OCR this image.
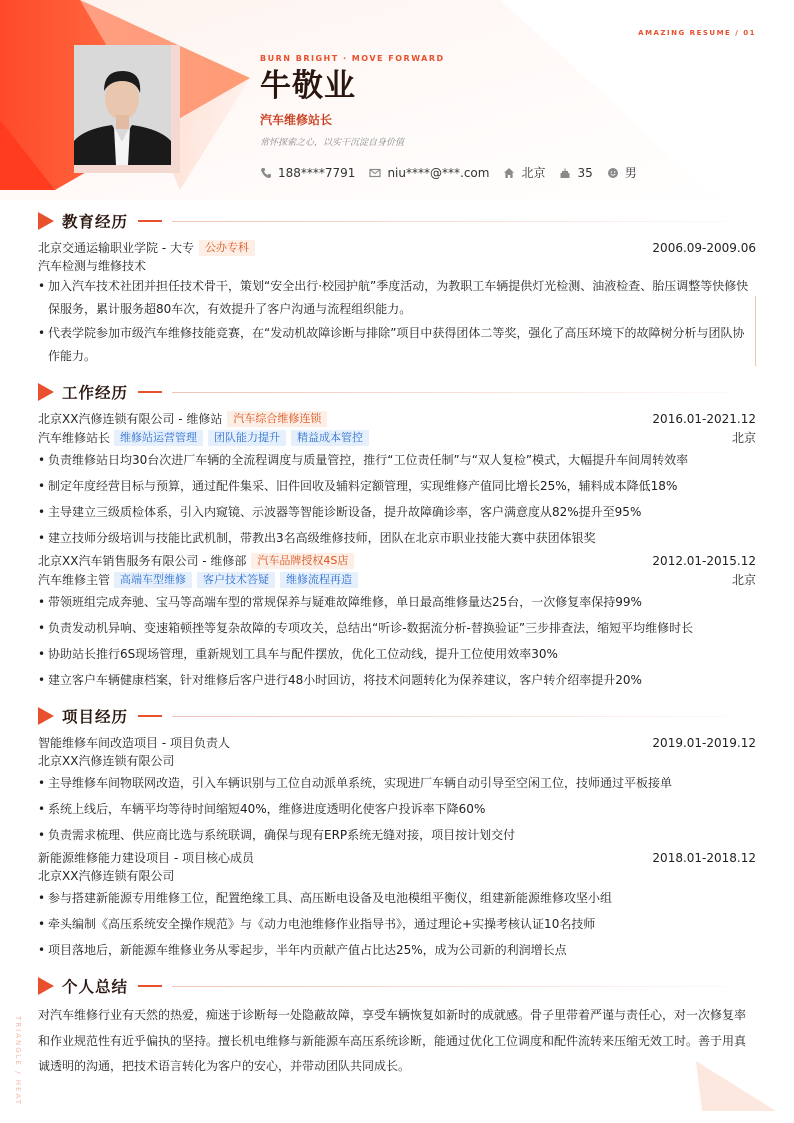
TRIANGLE / HEAT
AMAZING RESUME / 01
BURN BRIGHT · MOVE FORWARD
牛敬业
汽车维修站长
常怀探索之心，以实干沉淀自身价值
188****7791	niu****@***.com	北京	35	男
教育经历
北京交通运输职业学院 - 大专	公办专科	2006.09-2009.06
汽车检测与维修技术
• 加入汽车技术社团并担任技术骨干，策划“安全出行·校园护航”季度活动，为教职工车辆提供灯光检测、油液检查、胎压调整等快修快保服务，累计服务超80车次，有效提升了客户沟通与流程组织能力。
• 代表学院参加市级汽车维修技能竞赛，在“发动机故障诊断与排除”项目中获得团体二等奖，强化了高压环境下的故障树分析与团队协作能力。
工作经历
北京XX汽修连锁有限公司 - 维修站	汽车综合维修连锁	2016.01-2021.12
汽车维修站长 维修站运营管理	团队能力提升	精益成本管控	北京
• 负责维修站日均30台次进厂车辆的全流程调度与质量管控，推行“工位责任制”与“双人复检”模式，大幅提升车间周转效率
• 制定年度经营目标与预算，通过配件集采、旧件回收及辅料定额管理，实现维修产值同比增长25%，辅料成本降低18%
• 主导建立三级质检体系，引入内窥镜、示波器等智能诊断设备，提升故障确诊率，客户满意度从82%提升至95%
• 建立技师分级培训与技能比武机制，带教出3名高级维修技师，团队在北京市职业技能大赛中获团体银奖
北京XX汽车销售服务有限公司 - 维修部	汽车品牌授权4S店	2012.01-2015.12
汽车维修主管 高端车型维修	客户技术答疑	维修流程再造	北京
• 带领班组完成奔驰、宝马等高端车型的常规保养与疑难故障维修，单日最高维修量达25台，一次修复率保持99%
• 负责发动机异响、变速箱顿挫等复杂故障的专项攻关，总结出“听诊-数据流分析-替换验证”三步排查法，缩短平均维修时长
• 协助站长推行6S现场管理，重新规划工具车与配件摆放，优化工位动线，提升工位使用效率30%
• 建立客户车辆健康档案，针对维修后客户进行48小时回访，将技术问题转化为保养建议，客户转介绍率提升20%
项目经历
智能维修车间改造项目 - 项目负责人	2019.01-2019.12
北京XX汽修连锁有限公司
• 主导维修车间物联网改造，引入车辆识别与工位自动派单系统，实现进厂车辆自动引导至空闲工位，技师通过平板接单
• 系统上线后，车辆平均等待时间缩短40%，维修进度透明化使客户投诉率下降60%
• 负责需求梳理、供应商比选与系统联调，确保与现有ERP系统无缝对接，项目按计划交付
新能源维修能力建设项目 - 项目核心成员	2018.01-2018.12
北京XX汽修连锁有限公司
• 参与搭建新能源专用维修工位，配置绝缘工具、高压断电设备及电池模组平衡仪，组建新能源维修攻坚小组
• 牵头编制《高压系统安全操作规范》与《动力电池维修作业指导书》，通过理论+实操考核认证10名技师
• 项目落地后，新能源车维修业务从零起步，半年内贡献产值占比达25%，成为公司新的利润增长点
个人总结
对汽车维修行业有天然的热爱，痴迷于诊断每一处隐蔽故障，享受车辆恢复如新时的成就感。骨子里带着严谨与责任心，对一次修复率和作业规范性有近乎偏执的坚持。擅长机电维修与新能源车高压系统诊断，能通过优化工位调度和配件流转来压缩无效工时。善于用真诚透明的沟通，把技术语言转化为客户的安心，并带动团队共同成长。
